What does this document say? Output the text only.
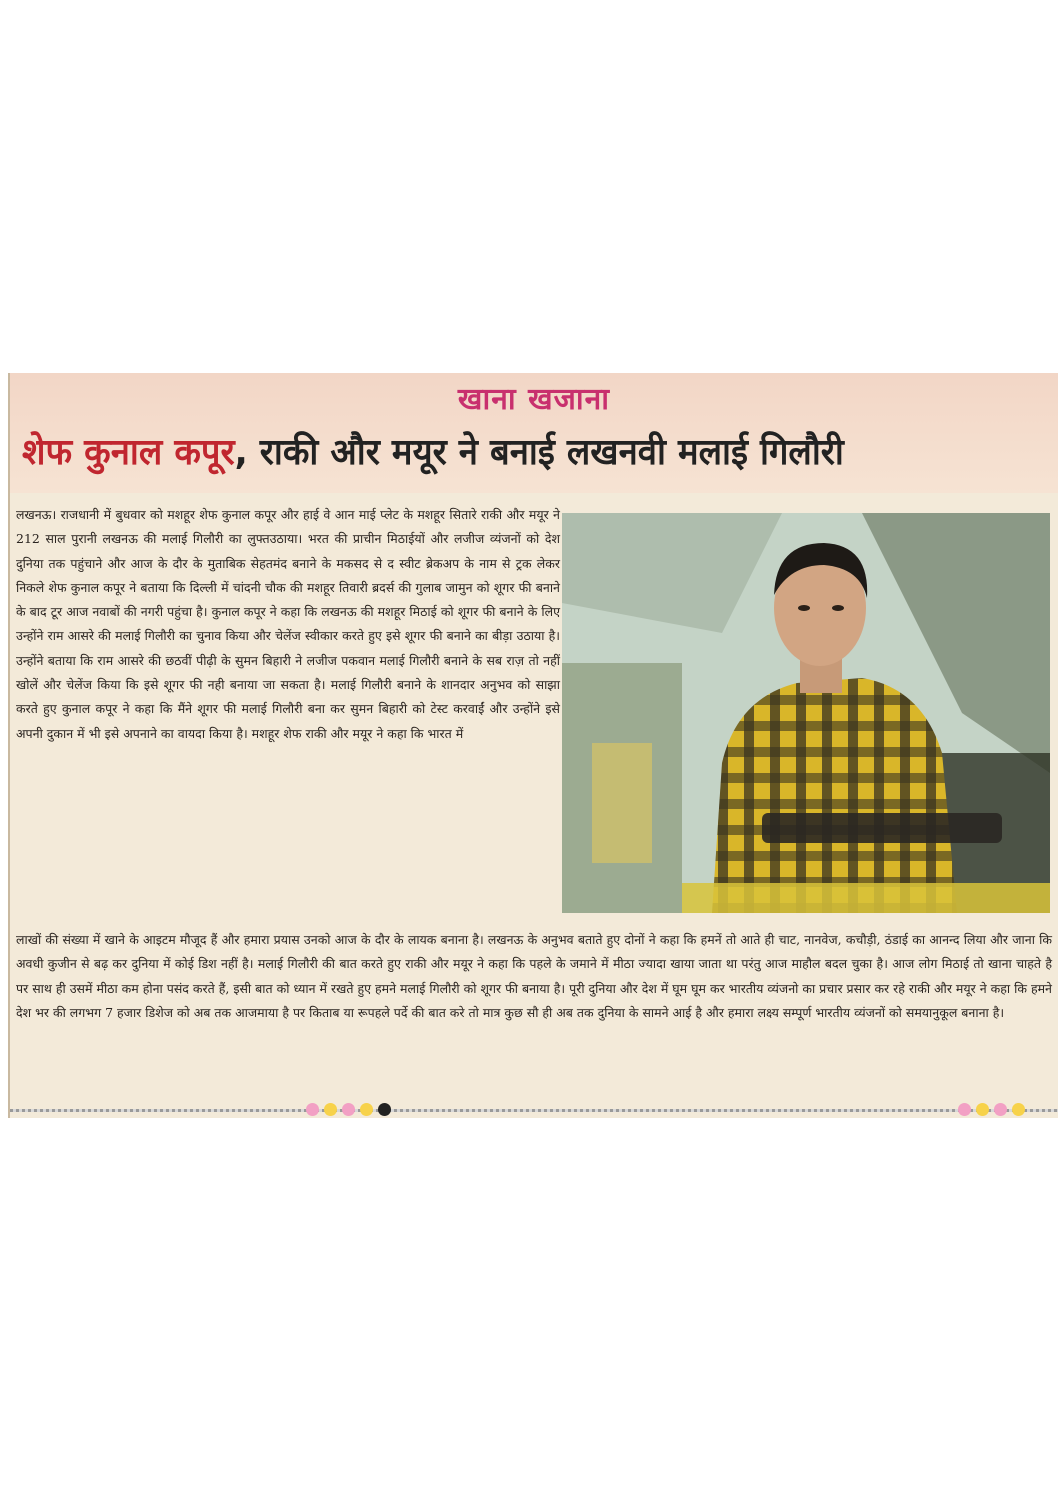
खाना खजाना
शेफ कुनाल कपूर, राकी और मयूर ने बनाई लखनवी मलाई गिलौरी

लखनऊ। राजधानी में बुधवार को मशहूर शेफ कुनाल कपूर और हाई वे आन माई प्लेट के मशहूर सितारे राकी और मयूर ने 212 साल पुरानी लखनऊ की मलाई गिलौरी का लुफ्तउठाया। भरत की प्राचीन मिठाईयों और लजीज व्यंजनों को देश दुनिया तक पहुंचाने और आज के दौर के मुताबिक सेहतमंद बनाने के मकसद से द स्वीट ब्रेकअप के नाम से ट्रक लेकर निकले शेफ कुनाल कपूर ने बताया कि दिल्ली में चांदनी चौक की मशहूर तिवारी ब्रदर्स की गुलाब जामुन को शूगर फी बनाने के बाद टूर आज नवाबों की नगरी पहुंचा है। कुनाल कपूर ने कहा कि लखनऊ की मशहूर मिठाई को शूगर फी बनाने के लिए उन्होंने राम आसरे की मलाई गिलौरी का चुनाव किया और चेलेंज स्वीकार करते हुए इसे शूगर फी बनाने का बीड़ा उठाया है। उन्होंने बताया कि राम आसरे की छठवीं पीढ़ी के सुमन बिहारी ने लजीज पकवान मलाई गिलौरी बनाने के सब राज़ तो नहीं खोलें और चेलेंज किया कि इसे शूगर फी नही बनाया जा सकता है। मलाई गिलौरी बनाने के शानदार अनुभव को साझा करते हुए कुनाल कपूर ने कहा कि मैंने शूगर फी मलाई गिलौरी बना कर सुमन बिहारी को टेस्ट करवाईं और उन्होंने इसे अपनी दुकान में भी इसे अपनाने का वायदा किया है। मशहूर शेफ राकी और मयूर ने कहा कि भारत में

लाखों की संख्या में खाने के आइटम मौजूद हैं और हमारा प्रयास उनको आज के दौर के लायक बनाना है। लखनऊ के अनुभव बताते हुए दोनों ने कहा कि हमनें तो आते ही चाट, नानवेज, कचौड़ी, ठंडाई का आनन्द लिया और जाना कि अवधी कुजीन से बढ़ कर दुनिया में कोई डिश नहीं है। मलाई गिलौरी की बात करते हुए राकी और मयूर ने कहा कि पहले के जमाने में मीठा ज्यादा खाया जाता था परंतु आज माहौल बदल चुका है। आज लोग मिठाई तो खाना चाहते है पर साथ ही उसमें मीठा कम होना पसंद करते हैं, इसी बात को ध्यान में रखते हुए हमने मलाई गिलौरी को शूगर फी बनाया है। पूरी दुनिया और देश में घूम घूम कर भारतीय व्यंजनो का प्रचार प्रसार कर रहे राकी और मयूर ने कहा कि हमने देश भर की लगभग 7 हजार डिशेज को अब तक आजमाया है पर किताब या रूपहले पर्दे की बात करे तो मात्र कुछ सौ ही अब तक दुनिया के सामने आई है और हमारा लक्ष्य सम्पूर्ण भारतीय व्यंजनों को समयानुकूल बनाना है।
